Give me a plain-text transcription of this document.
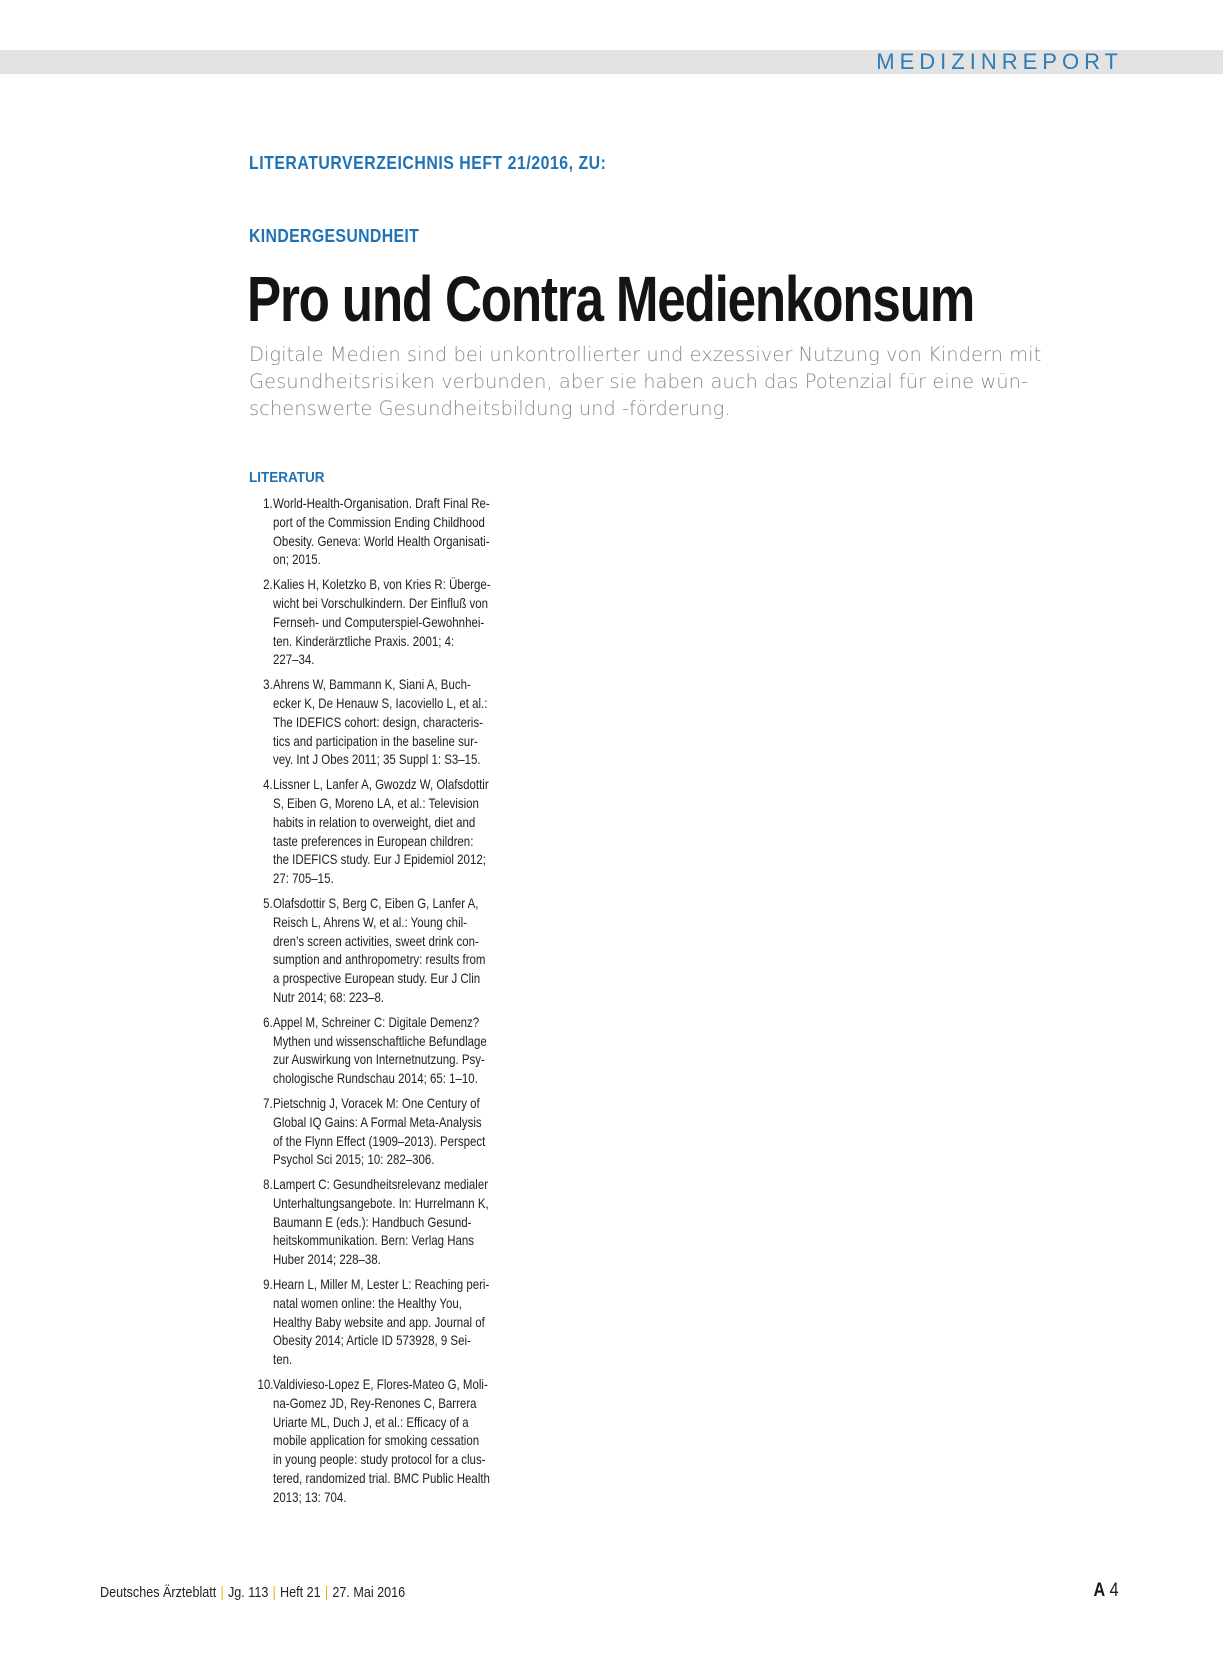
MEDIZINREPORT
LITERATURVERZEICHNIS HEFT 21/2016, ZU:
KINDERGESUNDHEIT
Pro und Contra Medienkonsum

Digitale Medien sind bei unkontrollierter und exzessiver Nutzung von Kindern mit
Gesundheitsrisiken verbunden, aber sie haben auch das Potenzial für eine wün-
schenswerte Gesundheitsbildung und -förderung.

LITERATUR
1. World-Health-Organisation. Draft Final Re-
port of the Commission Ending Childhood
Obesity. Geneva: World Health Organisati-
on; 2015.
2. Kalies H, Koletzko B, von Kries R: Überge-
wicht bei Vorschulkindern. Der Einfluß von
Fernseh- und Computerspiel-Gewohnhei-
ten. Kinderärztliche Praxis. 2001; 4:
227–34.
3. Ahrens W, Bammann K, Siani A, Buch-
ecker K, De Henauw S, Iacoviello L, et al.:
The IDEFICS cohort: design, characteris-
tics and participation in the baseline sur-
vey. Int J Obes 2011; 35 Suppl 1: S3–15.
4. Lissner L, Lanfer A, Gwozdz W, Olafsdottir
S, Eiben G, Moreno LA, et al.: Television
habits in relation to overweight, diet and
taste preferences in European children:
the IDEFICS study. Eur J Epidemiol 2012;
27: 705–15.
5. Olafsdottir S, Berg C, Eiben G, Lanfer A,
Reisch L, Ahrens W, et al.: Young chil-
dren’s screen activities, sweet drink con-
sumption and anthropometry: results from
a prospective European study. Eur J Clin
Nutr 2014; 68: 223–8.
6. Appel M, Schreiner C: Digitale Demenz?
Mythen und wissenschaftliche Befundlage
zur Auswirkung von Internetnutzung. Psy-
chologische Rundschau 2014; 65: 1–10.
7. Pietschnig J, Voracek M: One Century of
Global IQ Gains: A Formal Meta-Analysis
of the Flynn Effect (1909–2013). Perspect
Psychol Sci 2015; 10: 282–306.
8. Lampert C: Gesundheitsrelevanz medialer
Unterhaltungsangebote. In: Hurrelmann K,
Baumann E (eds.): Handbuch Gesund-
heitskommunikation. Bern: Verlag Hans
Huber 2014; 228–38.
9. Hearn L, Miller M, Lester L: Reaching peri-
natal women online: the Healthy You,
Healthy Baby website and app. Journal of
Obesity 2014; Article ID 573928, 9 Sei-
ten.
10. Valdivieso-Lopez E, Flores-Mateo G, Moli-
na-Gomez JD, Rey-Renones C, Barrera
Uriarte ML, Duch J, et al.: Efficacy of a
mobile application for smoking cessation
in young people: study protocol for a clus-
tered, randomized trial. BMC Public Health
2013; 13: 704.
Deutsches Ärzteblatt | Jg. 113 | Heft 21 | 27. Mai 2016	A 4
